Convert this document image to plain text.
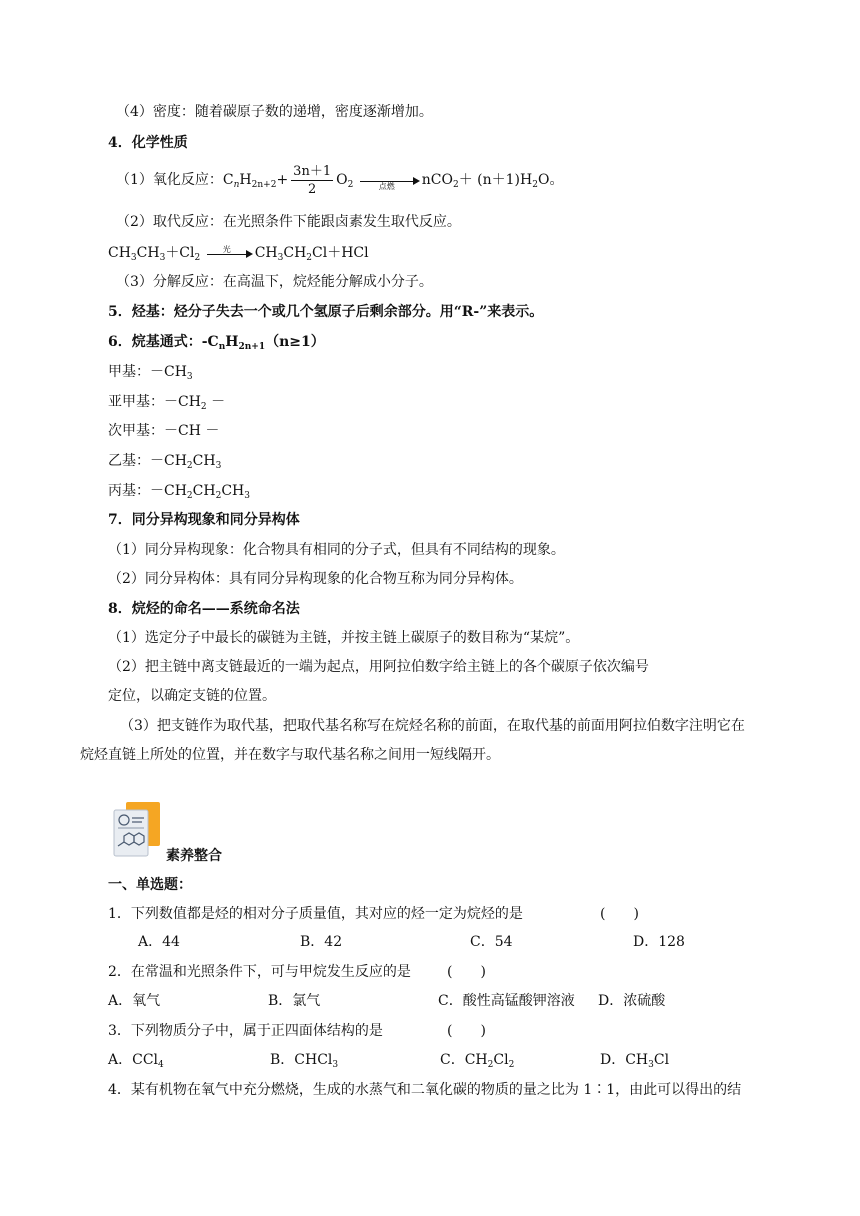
（4）密度：随着碳原子数的递增，密度逐渐增加。
4．化学性质
（1）氧化反应：$C_nH_{2n+2}+ \frac{3n+1}{2} O_2$	点燃	$nCO_2+ (n+1)H_2O$。
（2）取代反应：在光照条件下能跟卤素发生取代反应。
$CH_3CH_3+Cl_2$
光	$CH_3CH_2Cl+HCl$
（3）分解反应：在高温下，烷烃能分解成小分子。
5．烃基：烃分子失去一个或几个氢原子后剩余部分。用“R-”来表示。
6．烷基通式：$-C_nH_{2n+1}(n\ge 1)$
甲基：$-CH_3$
亚甲基：$-CH_2$ －
次甲基：－CH －
乙基：$-CH_2CH_3$
丙基：$-CH_2CH_2CH_3$
7．同分异构现象和同分异构体
（1）同分异构现象：化合物具有相同的分子式，但具有不同结构的现象。
（2）同分异构体：具有同分异构现象的化合物互称为同分异构体。
8．烷烃的命名——系统命名法
（1）选定分子中最长的碳链为主链，并按主链上碳原子的数目称为“某烷”。
（2）把主链中离支链最近的一端为起点，用阿拉伯数字给主链上的各个碳原子依次编号
定位，以确定支链的位置。
（3）把支链作为取代基，把取代基名称写在烷烃名称的前面，在取代基的前面用阿拉伯数字注明它在
烷烃直链上所处的位置，并在数字与取代基名称之间用一短线隔开。
素养整合
一、单选题：
1．下列数值都是烃的相对分子质量值，其对应的烃一定为烷烃的是	(　　)
A．44	B．42	C．54	D．128
2．在常温和光照条件下，可与甲烷发生反应的是	(　　)
A．氧气	B．氯气	C．酸性高锰酸钾溶液 D．浓硫酸
3．下列物质分子中，属于正四面体结构的是	(　　)
A．CCl$_4$	B．CHCl$_3$	C．$CH_2Cl_2$	D．$CH_3Cl$
4．某有机物在氧气中充分燃烧，生成的水蒸气和二氧化碳的物质的量之比为 1∶1，由此可以得出的结
